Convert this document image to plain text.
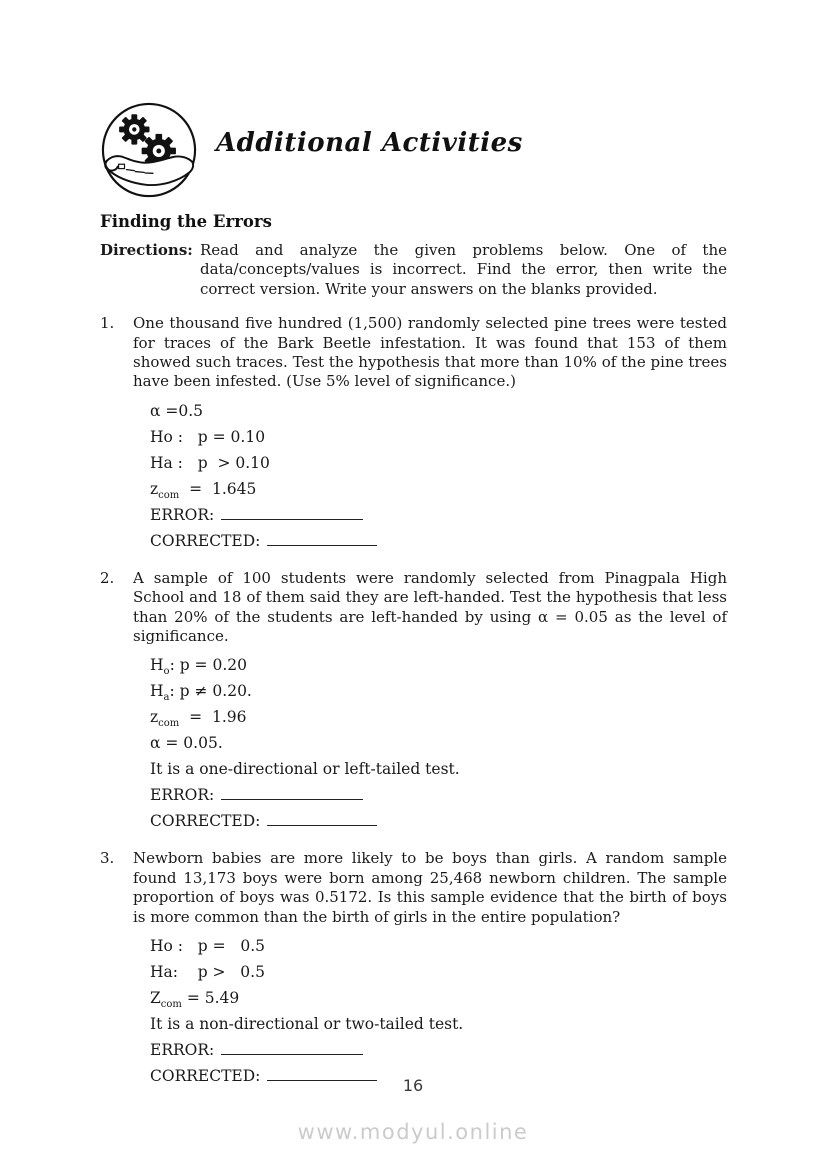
Additional Activities
Finding the Errors
Directions: Read and analyze the given problems below. One of the data/concepts/values is incorrect. Find the error, then write the correct version. Write your answers on the blanks provided.
1.	One thousand five hundred (1,500) randomly selected pine trees were tested for traces of the Bark Beetle infestation. It was found that 153 of them showed such traces. Test the hypothesis that more than 10% of the pine trees have been infested. (Use 5% level of significance.)

α =0.5
Ho :   p = 0.10
Ha :   p  > 0.10
$z_{com} = 1.645$
ERROR:
CORRECTED:
2.	A sample of 100 students were randomly selected from Pinagpala High School and 18 of them said they are left-handed. Test the hypothesis that less than 20% of the students are left-handed by using α = 0.05 as the level of significance.

$H_o$: p = 0.20
$H_a$: p ≠ 0.20.
$z_{com} = 1.96$
α = 0.05.
It is a one-directional or left-tailed test.
ERROR:
CORRECTED:
3.	Newborn babies are more likely to be boys than girls. A random sample found 13,173 boys were born among 25,468 newborn children. The sample proportion of boys was 0.5172. Is this sample evidence that the birth of boys is more common than the birth of girls in the entire population?

Ho :   p =   0.5
Ha:    p >   0.5
$Z_{com} = 5.49$
It is a non-directional or two-tailed test.
ERROR:
CORRECTED:	16
www.modyul.online
